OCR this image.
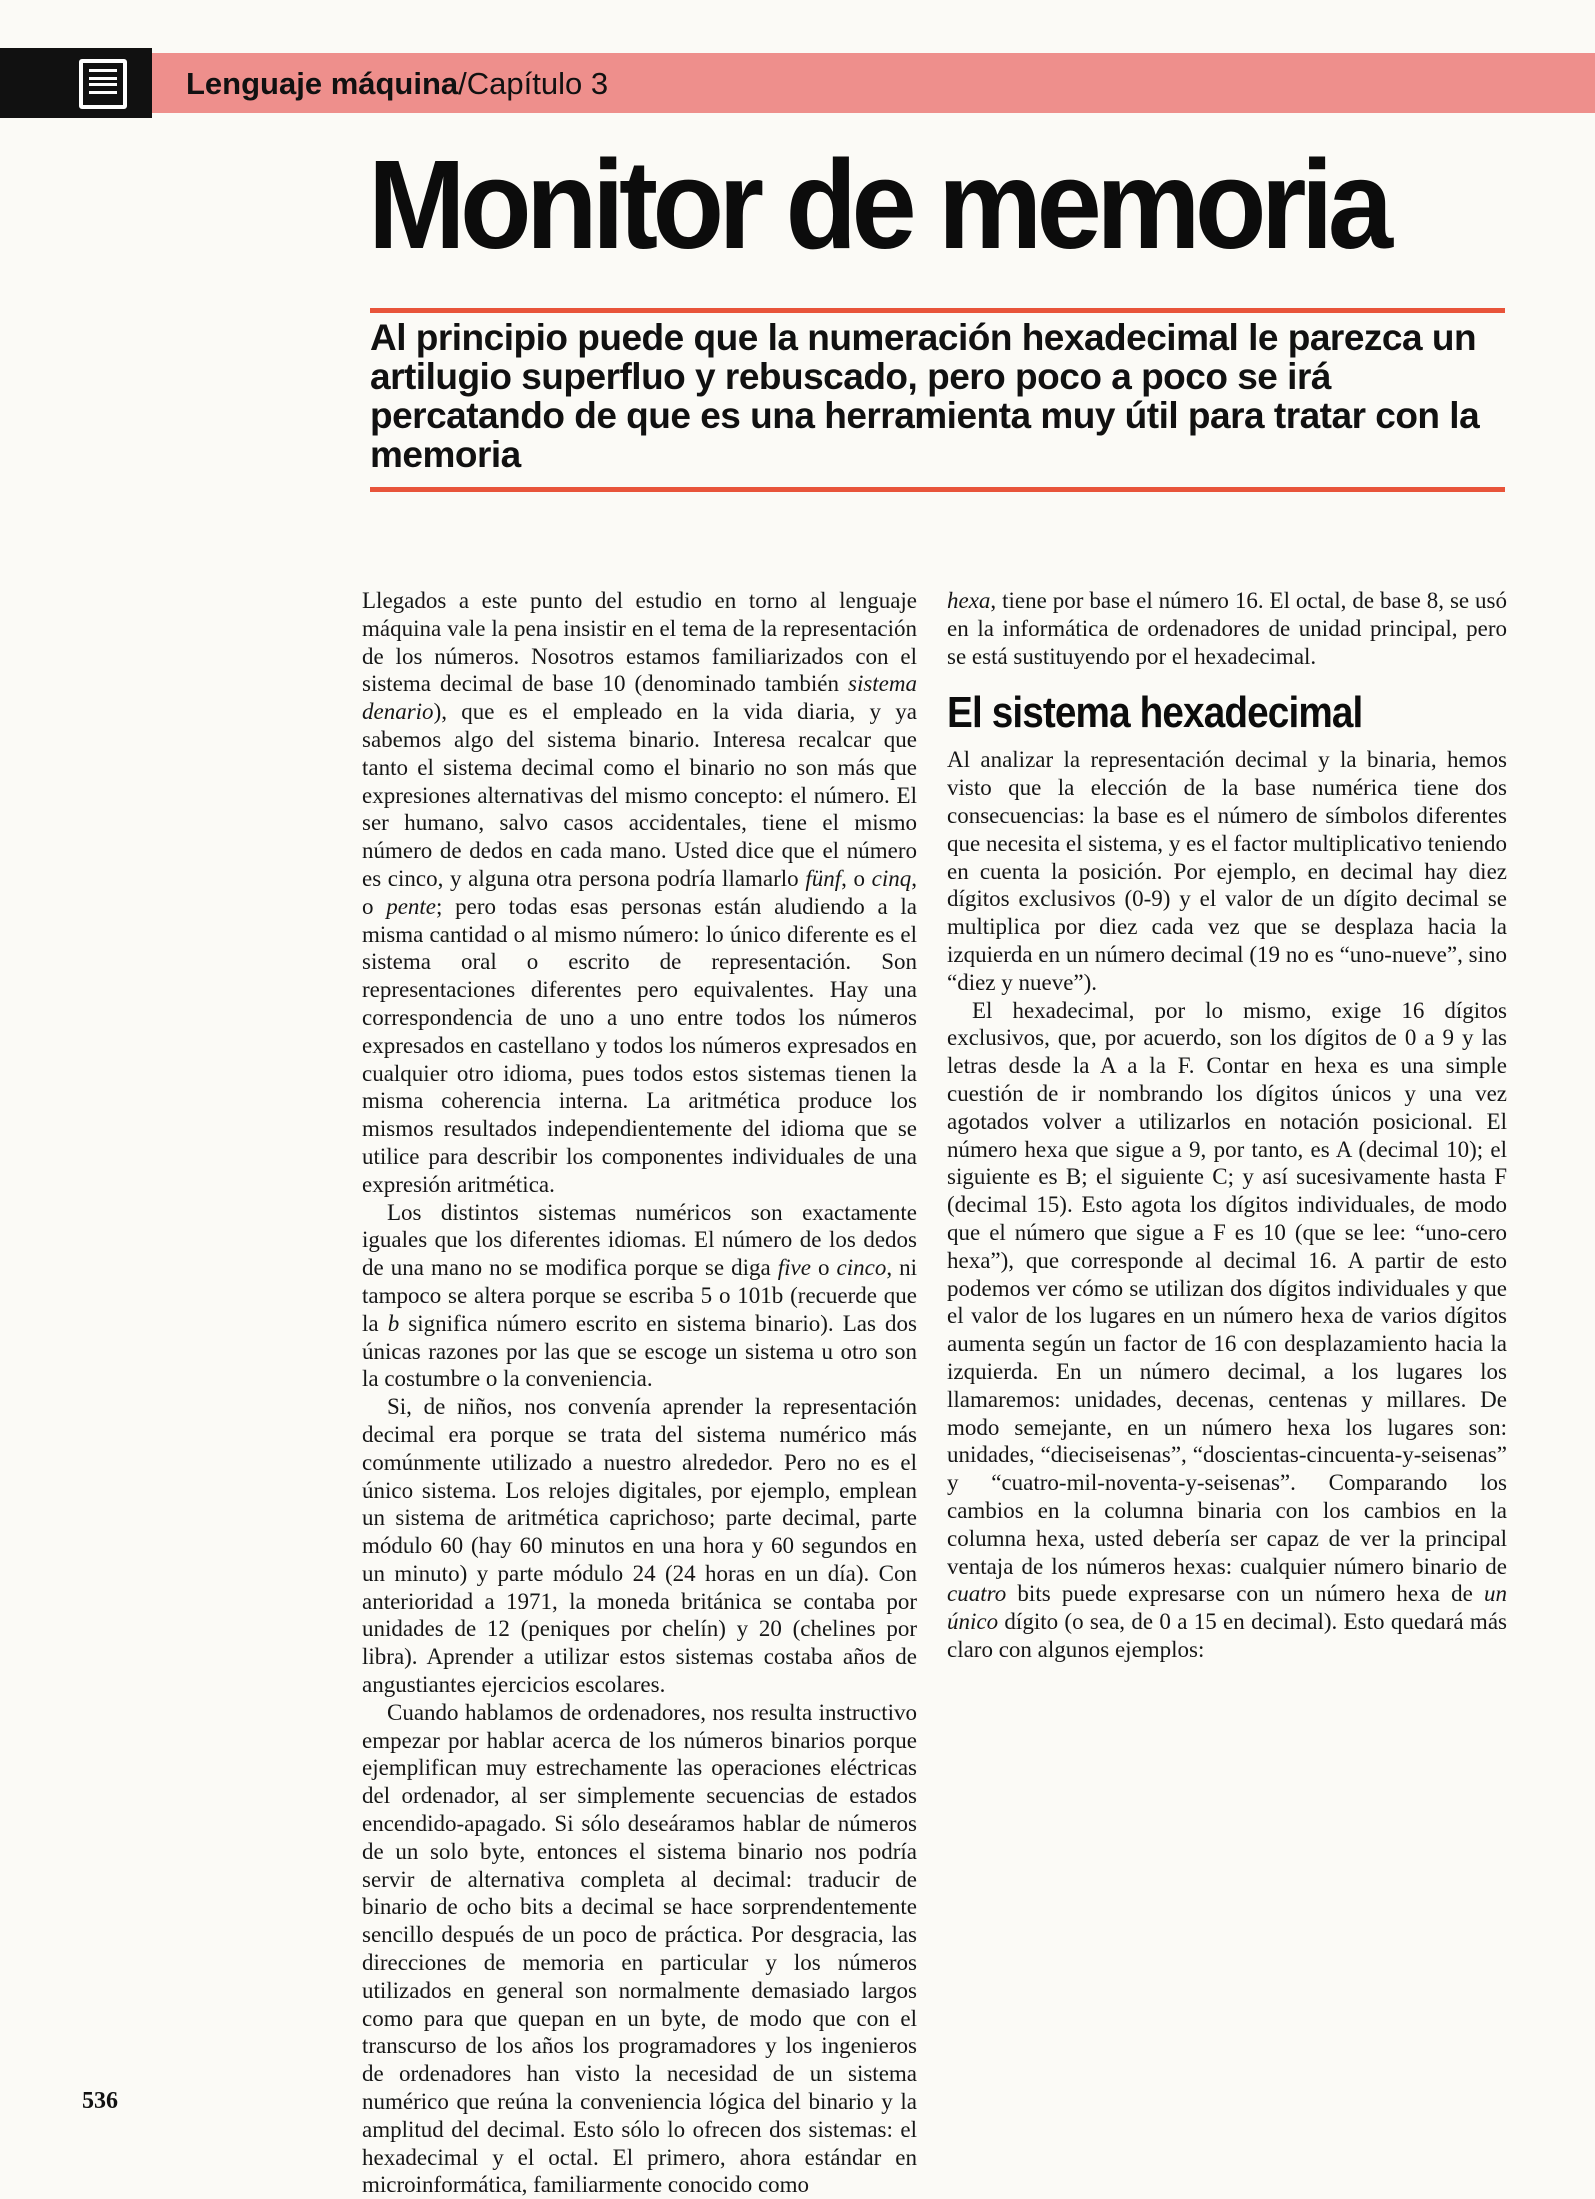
Lenguaje máquina/Capítulo 3
Monitor de memoria

Al principio puede que la numeración hexadecimal le parezca un artilugio superfluo y rebuscado, pero poco a poco se irá percatando de que es una herramienta muy útil para tratar con la memoria

Llegados a este punto del estudio en torno al lenguaje máquina vale la pena insistir en el tema de la representación de los números. Nosotros estamos familiarizados con el sistema decimal de base 10 (denominado también sistema denario), que es el empleado en la vida diaria, y ya sabemos algo del sistema binario. Interesa recalcar que tanto el sistema decimal como el binario no son más que expresiones alternativas del mismo concepto: el número. El ser humano, salvo casos accidentales, tiene el mismo número de dedos en cada mano. Usted dice que el número es cinco, y alguna otra persona podría llamarlo fünf, o cinq, o pente; pero todas esas personas están aludiendo a la misma cantidad o al mismo número: lo único diferente es el sistema oral o escrito de representación. Son representaciones diferentes pero equivalentes. Hay una correspondencia de uno a uno entre todos los números expresados en castellano y todos los números expresados en cualquier otro idioma, pues todos estos sistemas tienen la misma coherencia interna. La aritmética produce los mismos resultados independientemente del idioma que se utilice para describir los componentes individuales de una expresión aritmética.

Los distintos sistemas numéricos son exactamente iguales que los diferentes idiomas. El número de los dedos de una mano no se modifica porque se diga five o cinco, ni tampoco se altera porque se escriba 5 o 101b (recuerde que la b significa número escrito en sistema binario). Las dos únicas razones por las que se escoge un sistema u otro son la costumbre o la conveniencia.

Si, de niños, nos convenía aprender la representación decimal era porque se trata del sistema numérico más comúnmente utilizado a nuestro alrededor. Pero no es el único sistema. Los relojes digitales, por ejemplo, emplean un sistema de aritmética caprichoso; parte decimal, parte módulo 60 (hay 60 minutos en una hora y 60 segundos en un minuto) y parte módulo 24 (24 horas en un día). Con anterioridad a 1971, la moneda británica se contaba por unidades de 12 (peniques por chelín) y 20 (chelines por libra). Aprender a utilizar estos sistemas costaba años de angustiantes ejercicios escolares.

Cuando hablamos de ordenadores, nos resulta instructivo empezar por hablar acerca de los números binarios porque ejemplifican muy estrechamente las operaciones eléctricas del ordenador, al ser simplemente secuencias de estados encendido-apagado. Si sólo deseáramos hablar de números de un solo byte, entonces el sistema binario nos podría servir de alternativa completa al decimal: traducir de binario de ocho bits a decimal se hace sorprendentemente sencillo después de un poco de práctica. Por desgracia, las direcciones de memoria en particular y los números utilizados en general son normalmente demasiado largos como para que quepan en un byte, de modo que con el transcurso de los años los programadores y los ingenieros de ordenadores han visto la necesidad de un sistema numérico que reúna la conveniencia lógica del binario y la amplitud del decimal. Esto sólo lo ofrecen dos sistemas: el hexadecimal y el octal. El primero, ahora estándar en microinformática, familiarmente conocido como

hexa, tiene por base el número 16. El octal, de base 8, se usó en la informática de ordenadores de unidad principal, pero se está sustituyendo por el hexadecimal.

El sistema hexadecimal

Al analizar la representación decimal y la binaria, hemos visto que la elección de la base numérica tiene dos consecuencias: la base es el número de símbolos diferentes que necesita el sistema, y es el factor multiplicativo teniendo en cuenta la posición. Por ejemplo, en decimal hay diez dígitos exclusivos (0-9) y el valor de un dígito decimal se multiplica por diez cada vez que se desplaza hacia la izquierda en un número decimal (19 no es “uno-nueve”, sino “diez y nueve”).

El hexadecimal, por lo mismo, exige 16 dígitos exclusivos, que, por acuerdo, son los dígitos de 0 a 9 y las letras desde la A a la F. Contar en hexa es una simple cuestión de ir nombrando los dígitos únicos y una vez agotados volver a utilizarlos en notación posicional. El número hexa que sigue a 9, por tanto, es A (decimal 10); el siguiente es B; el siguiente C; y así sucesivamente hasta F (decimal 15). Esto agota los dígitos individuales, de modo que el número que sigue a F es 10 (que se lee: “uno-cero hexa”), que corresponde al decimal 16. A partir de esto podemos ver cómo se utilizan dos dígitos individuales y que el valor de los lugares en un número hexa de varios dígitos aumenta según un factor de 16 con desplazamiento hacia la izquierda. En un número decimal, a los lugares los llamaremos: unidades, decenas, centenas y millares. De modo semejante, en un número hexa los lugares son: unidades, “dieciseisenas”, “doscientas-cincuenta-y-seisenas” y “cuatro-mil-noventa-y-seisenas”. Comparando los cambios en la columna binaria con los cambios en la columna hexa, usted debería ser capaz de ver la principal ventaja de los números hexas: cualquier número binario de cuatro bits puede expresarse con un número hexa de un único dígito (o sea, de 0 a 15 en decimal). Esto quedará más claro con algunos ejemplos:

536
